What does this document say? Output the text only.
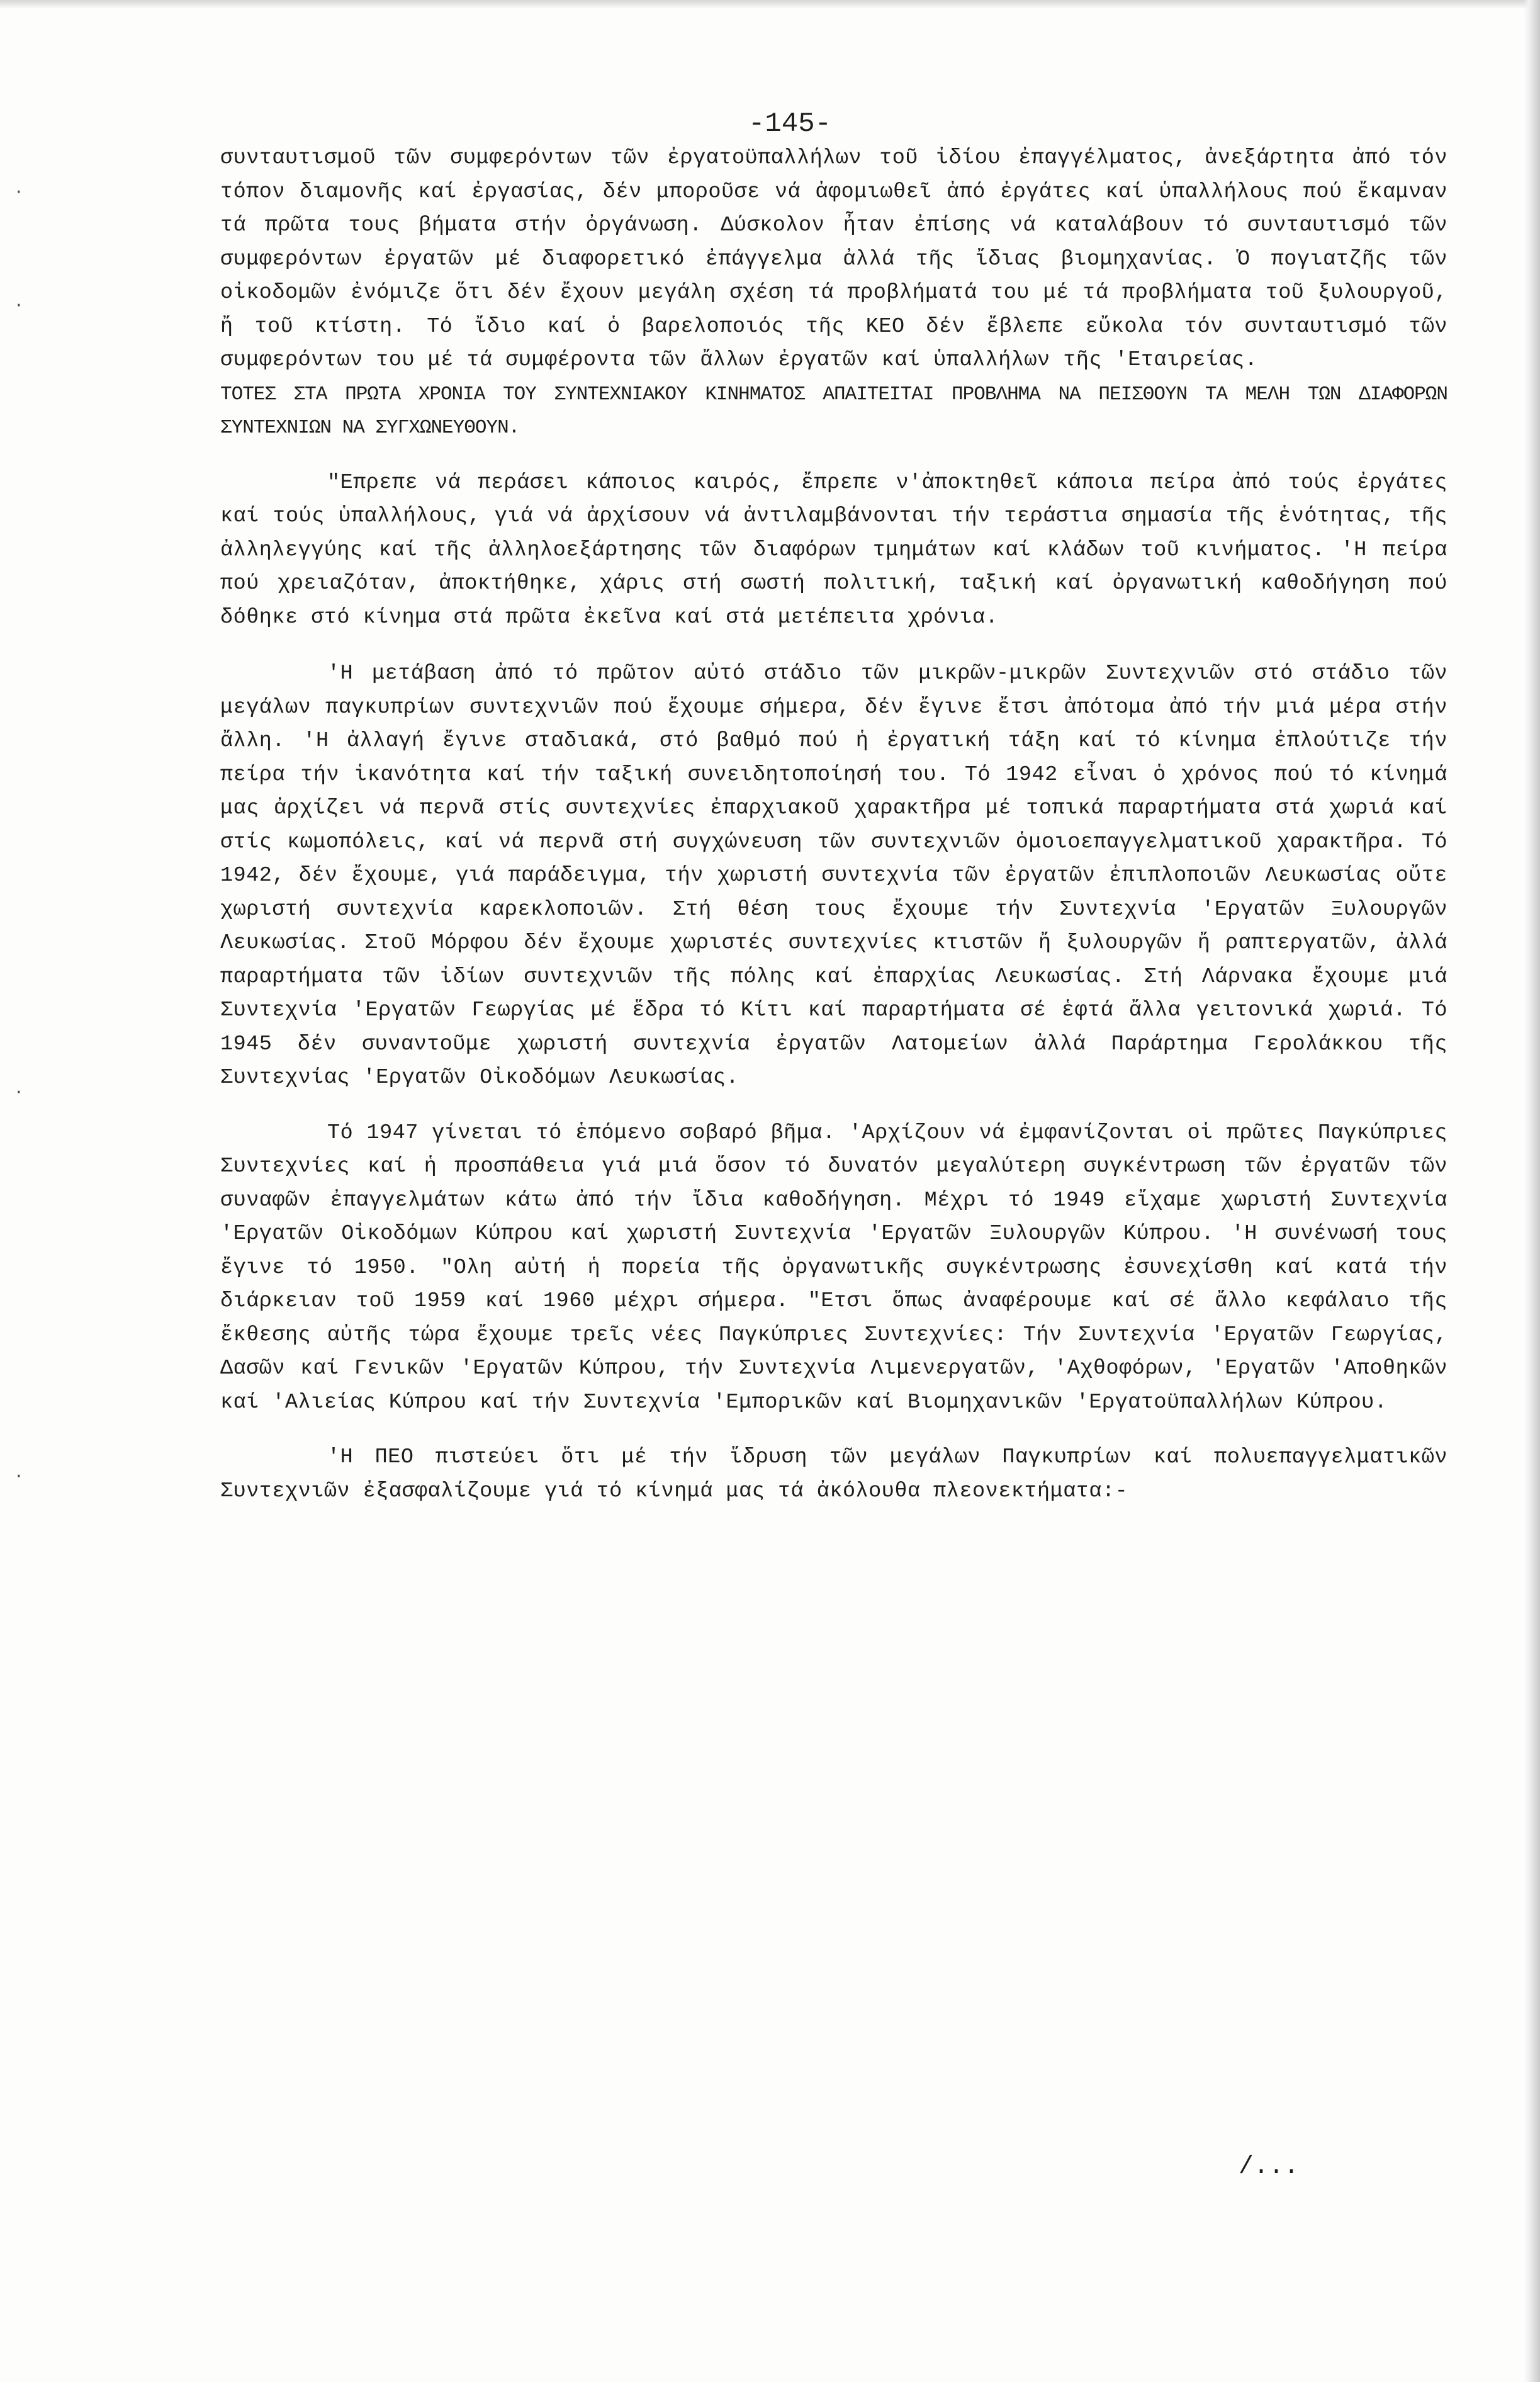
-145-

συνταυτισμοῦ τῶν συμφερόντων τῶν ἐργατοϋπαλλήλων τοῦ ἰδίου ἐπαγγέλματος, ἀνεξάρτητα ἀπό τόν τόπον διαμονῆς καί ἐργασίας, δέν μποροῦσε νά ἀφομιωθεῖ ἀπό ἐργάτες καί ὑπαλλήλους πού ἔκαμναν τά πρῶτα τους βήματα στήν ὀργάνωση. Δύσκολον ἦταν ἐπίσης νά καταλάβουν τό συνταυτισμό τῶν συμφερόντων ἐργατῶν μέ διαφορετικό ἐπάγγελμα ἀλλά τῆς ἴδιας βιομηχανίας. Ὁ πογιατζῆς τῶν οἰκοδομῶν ἐνόμιζε ὅτι δέν ἔχουν μεγάλη σχέση τά προβλήματά του μέ τά προβλήματα τοῦ ξυλουργοῦ, ἤ τοῦ κτίστη. Τό ἴδιο καί ὁ βαρελοποιός τῆς ΚΕΟ δέν ἔβλεπε εὔκολα τόν συνταυτισμό τῶν συμφερόντων του μέ τά συμφέροντα τῶν ἄλλων ἐργατῶν καί ὑπαλλήλων τῆς 'Εταιρείας.

ΤΟΤΕΣ ΣΤΑ ΠΡΩΤΑ ΧΡΟΝΙΑ ΤΟΥ ΣΥΝΤΕΧΝΙΑΚΟΥ ΚΙΝΗΜΑΤΟΣ ΑΠΑΙΤΕΙΤΑΙ ΠΡΟΒΛΗΜΑ ΝΑ ΠΕΙΣΘΟΥΝ ΤΑ ΜΕΛΗ ΤΩΝ ΔΙΑΦΟΡΩΝ ΣΥΝΤΕΧΝΙΩΝ ΝΑ ΣΥΓΧΩΝΕΥΘΟΥΝ.

"Επρεπε νά περάσει κάποιος καιρός, ἔπρεπε ν'ἀποκτηθεῖ κάποια πείρα ἀπό τούς ἐργάτες καί τούς ὑπαλλήλους, γιά νά ἀρχίσουν νά ἀντιλαμβάνονται τήν τεράστια σημασία τῆς ἑνότητας, τῆς ἀλληλεγγύης καί τῆς ἀλληλοεξάρτησης τῶν διαφόρων τμημάτων καί κλάδων τοῦ κινήματος. 'Η πείρα πού χρειαζόταν, ἀποκτήθηκε, χάρις στή σωστή πολιτική, ταξική καί ὀργανωτική καθοδήγηση πού δόθηκε στό κίνημα στά πρῶτα ἐκεῖνα καί στά μετέπειτα χρόνια.

'Η μετάβαση ἀπό τό πρῶτον αὐτό στάδιο τῶν μικρῶν-μικρῶν Συντεχνιῶν στό στάδιο τῶν μεγάλων παγκυπρίων συντεχνιῶν πού ἔχουμε σήμερα, δέν ἔγινε ἔτσι ἀπότομα ἀπό τήν μιά μέρα στήν ἄλλη. 'Η ἀλλαγή ἔγινε σταδιακά, στό βαθμό πού ἡ ἐργατική τάξη καί τό κίνημα ἐπλούτιζε τήν πείρα τήν ἱκανότητα καί τήν ταξική συνειδητοποίησή του. Τό 1942 εἶναι ὁ χρόνος πού τό κίνημά μας ἀρχίζει νά περνᾶ στίς συντεχνίες ἐπαρχιακοῦ χαρακτῆρα μέ τοπικά παραρτήματα στά χωριά καί στίς κωμοπόλεις, καί νά περνᾶ στή συγχώνευση τῶν συντεχνιῶν ὁμοιοεπαγγελματικοῦ χαρακτῆρα. Τό 1942, δέν ἔχουμε, γιά παράδειγμα, τήν χωριστή συντεχνία τῶν ἐργατῶν ἐπιπλοποιῶν Λευκωσίας οὔτε χωριστή συντεχνία καρεκλοποιῶν. Στή θέση τους ἔχουμε τήν Συντεχνία 'Εργατῶν Ξυλουργῶν Λευκωσίας. Στοῦ Μόρφου δέν ἔχουμε χωριστές συντεχνίες κτιστῶν ἤ ξυλουργῶν ἤ ραπτεργατῶν, ἀλλά παραρτήματα τῶν ἰδίων συντεχνιῶν τῆς πόλης καί ἐπαρχίας Λευκωσίας. Στή Λάρνακα ἔχουμε μιά Συντεχνία 'Εργατῶν Γεωργίας μέ ἕδρα τό Κίτι καί παραρτήματα σέ ἑφτά ἄλλα γειτονικά χωριά. Τό 1945 δέν συναντοῦμε χωριστή συντεχνία ἐργατῶν Λατομείων ἀλλά Παράρτημα Γερολάκκου τῆς Συντεχνίας 'Εργατῶν Οἰκοδόμων Λευκωσίας.

Τό 1947 γίνεται τό ἑπόμενο σοβαρό βῆμα. 'Αρχίζουν νά ἐμφανίζονται οἱ πρῶτες Παγκύπριες Συντεχνίες καί ἡ προσπάθεια γιά μιά ὅσον τό δυνατόν μεγαλύτερη συγκέντρωση τῶν ἐργατῶν τῶν συναφῶν ἐπαγγελμάτων κάτω ἀπό τήν ἴδια καθοδήγηση. Μέχρι τό 1949 εἴχαμε χωριστή Συντεχνία 'Εργατῶν Οἰκοδόμων Κύπρου καί χωριστή Συντεχνία 'Εργατῶν Ξυλουργῶν Κύπρου. 'Η συνένωσή τους ἔγινε τό 1950. "Ολη αὐτή ἡ πορεία τῆς ὀργανωτικῆς συγκέντρωσης ἐσυνεχίσθη καί κατά τήν διάρκειαν τοῦ 1959 καί 1960 μέχρι σήμερα. "Ετσι ὅπως ἀναφέρουμε καί σέ ἄλλο κεφάλαιο τῆς ἔκθεσης αὐτῆς τώρα ἔχουμε τρεῖς νέες Παγκύπριες Συντεχνίες: Τήν Συντεχνία 'Εργατῶν Γεωργίας, Δασῶν καί Γενικῶν 'Εργατῶν Κύπρου, τήν Συντεχνία Λιμενεργατῶν, 'Αχθοφόρων, 'Εργατῶν 'Αποθηκῶν καί 'Αλιείας Κύπρου καί τήν Συντεχνία 'Εμπορικῶν καί Βιομηχανικῶν 'Εργατοϋπαλλήλων Κύπρου.

'Η ΠΕΟ πιστεύει ὅτι μέ τήν ἵδρυση τῶν μεγάλων Παγκυπρίων καί πολυεπαγγελματικῶν Συντεχνιῶν ἐξασφαλίζουμε γιά τό κίνημά μας τά ἀκόλουθα πλεονεκτήματα:-

/...
·
·
·
·
